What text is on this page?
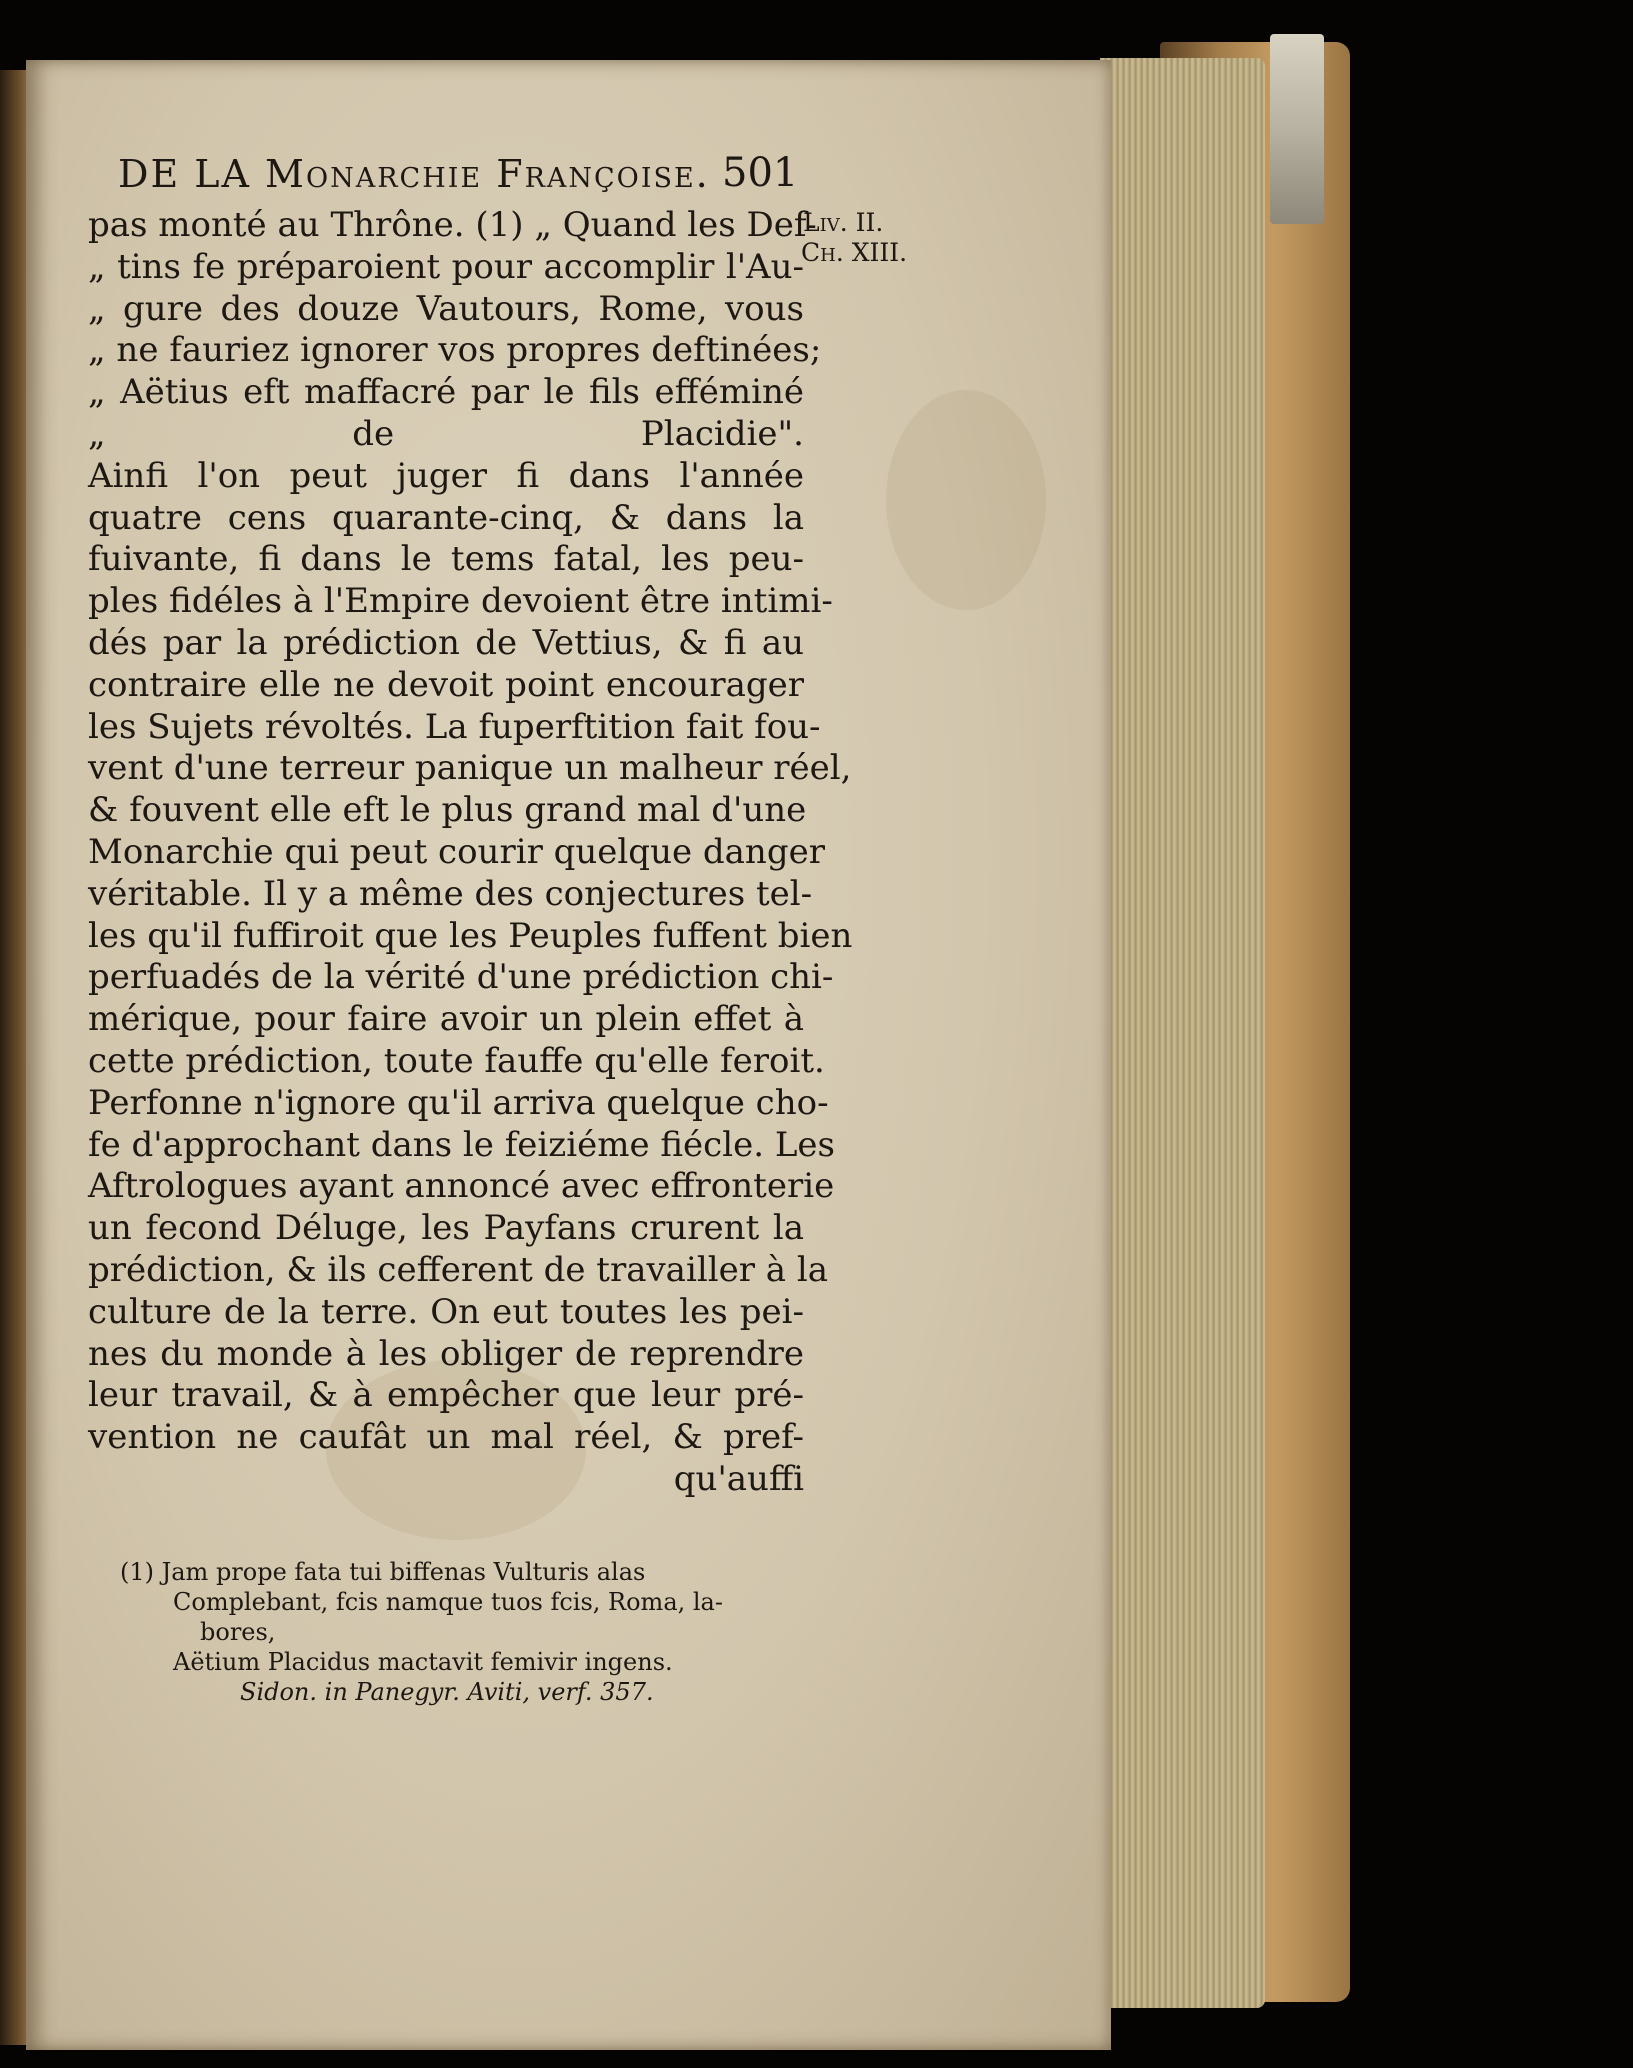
DE LA Monarchie Françoise. 501
Liv. II.
Ch. XIII.
pas monté au Thrône. (1) „ Quand les Def-
„ tins fe préparoient pour accomplir l'Au-
„ gure des douze Vautours, Rome, vous
„ ne fauriez ignorer vos propres deftinées;
„ Aëtius eft maffacré par le fils efféminé
„ de Placidie".
Ainfi l'on peut juger fi dans l'année
quatre cens quarante-cinq, & dans la
fuivante, fi dans le tems fatal, les peu-
ples fidéles à l'Empire devoient être intimi-
dés par la prédiction de Vettius, & fi au
contraire elle ne devoit point encourager
les Sujets révoltés. La fuperftition fait fou-
vent d'une terreur panique un malheur réel,
& fouvent elle eft le plus grand mal d'une
Monarchie qui peut courir quelque danger
véritable. Il y a même des conjectures tel-
les qu'il fuffiroit que les Peuples fuffent bien
perfuadés de la vérité d'une prédiction chi-
mérique, pour faire avoir un plein effet à
cette prédiction, toute fauffe qu'elle feroit.
Perfonne n'ignore qu'il arriva quelque cho-
fe d'approchant dans le feiziéme fiécle. Les
Aftrologues ayant annoncé avec effronterie
un fecond Déluge, les Payfans crurent la
prédiction, & ils cefferent de travailler à la
culture de la terre. On eut toutes les pei-
nes du monde à les obliger de reprendre
leur travail, & à empêcher que leur pré-
vention ne caufât un mal réel, & pref-
qu'auffi
(1) Jam prope fata tui biffenas Vulturis alas
Complebant, fcis namque tuos fcis, Roma, la-
bores,
Aëtium Placidus mactavit femivir ingens.
Sidon. in Panegyr. Aviti, verf. 357.
